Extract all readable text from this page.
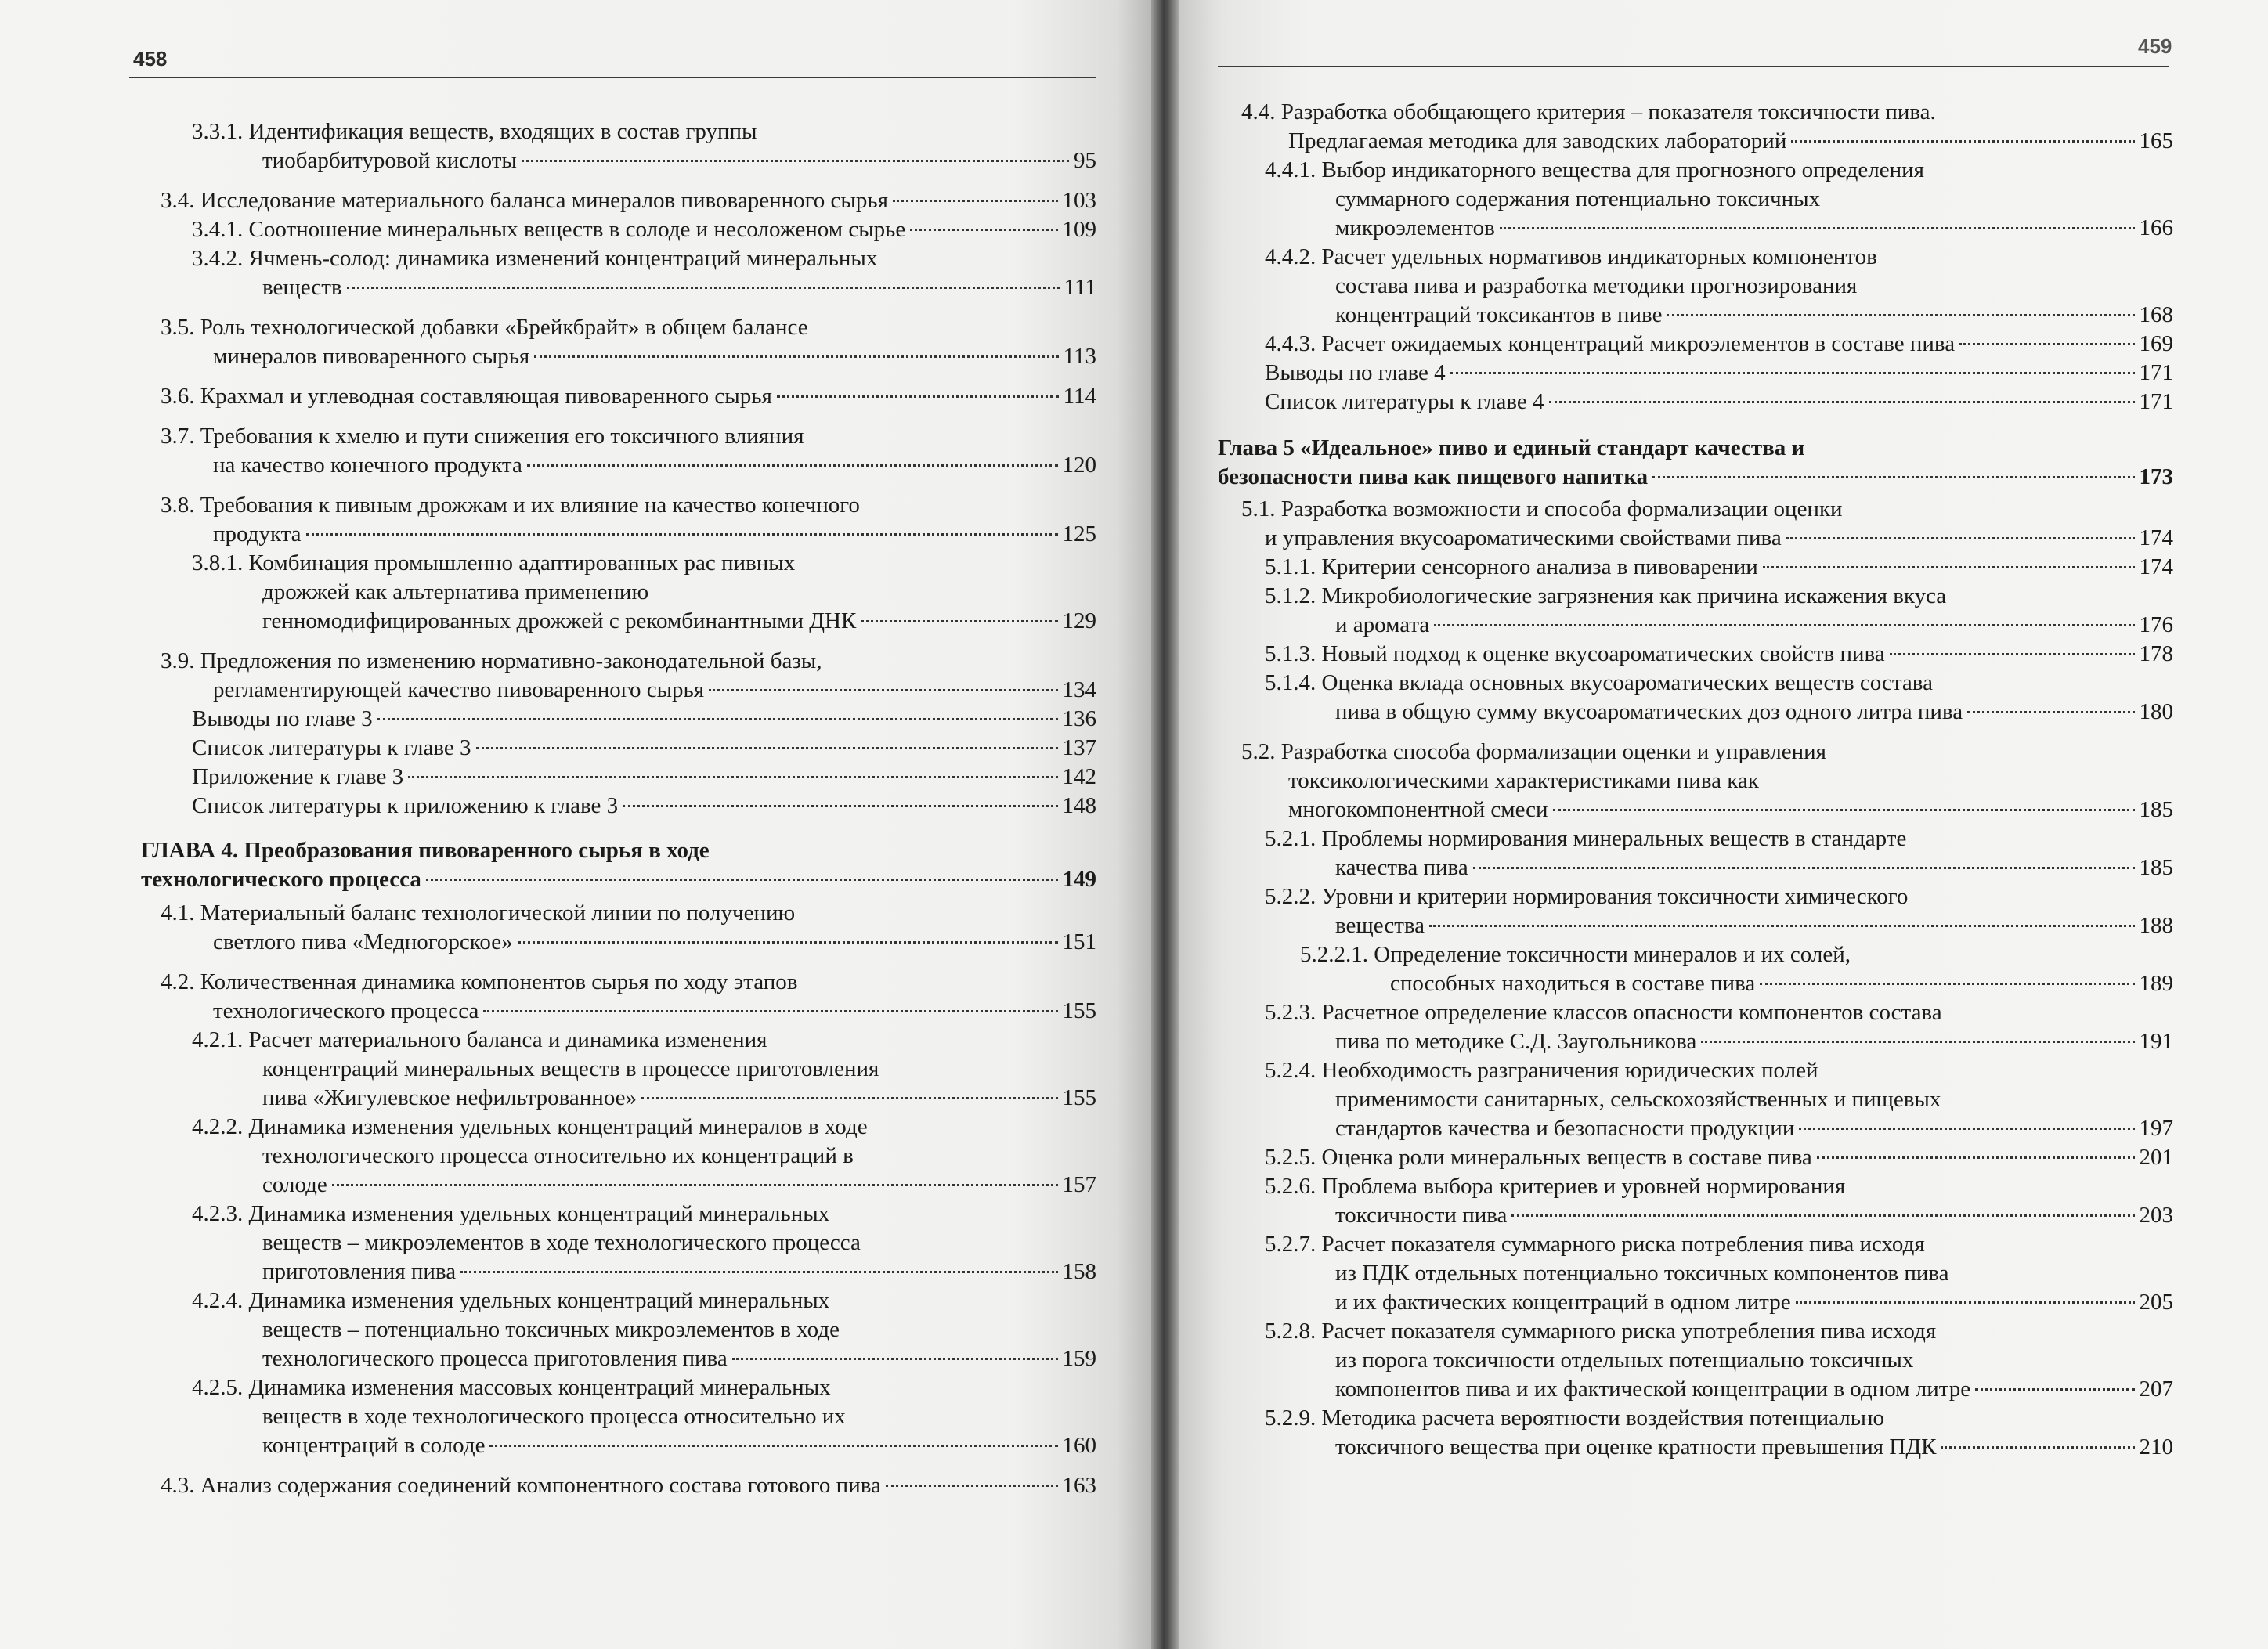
458
3.3.1. Идентификация веществ, входящих в состав группы
тиобарбитуровой кислоты	95
3.4. Исследование материального баланса минералов пивоваренного сырья	103
3.4.1. Соотношение минеральных веществ в солоде и несоложеном сырье	109
3.4.2. Ячмень-солод: динамика изменений концентраций минеральных
веществ	111
3.5. Роль технологической добавки «Брейкбрайт» в общем балансе
минералов пивоваренного сырья	113
3.6. Крахмал и углеводная составляющая пивоваренного сырья	114
3.7. Требования к хмелю и пути снижения его токсичного влияния
на качество конечного продукта	120
3.8. Требования к пивным дрожжам и их влияние на качество конечного
продукта	125
3.8.1. Комбинация промышленно адаптированных рас пивных
дрожжей как альтернатива применению
генномодифицированных дрожжей с рекомбинантными ДНК	129
3.9. Предложения по изменению нормативно-законодательной базы,
регламентирующей качество пивоваренного сырья	134
Выводы по главе 3	136
Список литературы к главе 3	137
Приложение к главе 3	142
Список литературы к приложению к главе 3	148
ГЛАВА 4. Преобразования пивоваренного сырья в ходе
технологического процесса	149
4.1. Материальный баланс технологической линии по получению
светлого пива «Медногорское»	151
4.2. Количественная динамика компонентов сырья по ходу этапов
технологического процесса	155
4.2.1. Расчет материального баланса и динамика изменения
концентраций минеральных веществ в процессе приготовления
пива «Жигулевское нефильтрованное»	155
4.2.2. Динамика изменения удельных концентраций минералов в ходе
технологического процесса относительно их концентраций в
солоде	157
4.2.3. Динамика изменения удельных концентраций минеральных
веществ – микроэлементов в ходе технологического процесса
приготовления пива	158
4.2.4. Динамика изменения удельных концентраций минеральных
веществ – потенциально токсичных микроэлементов в ходе
технологического процесса приготовления пива	159
4.2.5. Динамика изменения массовых концентраций минеральных
веществ в ходе технологического процесса относительно их
концентраций в солоде	160
4.3. Анализ содержания соединений компонентного состава готового пива	163
459
4.4. Разработка обобщающего критерия – показателя токсичности пива.
Предлагаемая методика для заводских лабораторий	165
4.4.1. Выбор индикаторного вещества для прогнозного определения
суммарного содержания потенциально токсичных
микроэлементов	166
4.4.2. Расчет удельных нормативов индикаторных компонентов
состава пива и разработка методики прогнозирования
концентраций токсикантов в пиве	168
4.4.3. Расчет ожидаемых концентраций микроэлементов в составе пива	169
Выводы по главе 4	171
Список литературы к главе 4	171
Глава 5 «Идеальное» пиво и единый стандарт качества и
безопасности пива как пищевого напитка	173
5.1. Разработка возможности и способа формализации оценки
и управления вкусоароматическими свойствами пива	174
5.1.1. Критерии сенсорного анализа в пивоварении	174
5.1.2. Микробиологические загрязнения как причина искажения вкуса
и аромата	176
5.1.3. Новый подход к оценке вкусоароматических свойств пива	178
5.1.4. Оценка вклада основных вкусоароматических веществ состава
пива в общую сумму вкусоароматических доз одного литра пива	180
5.2. Разработка способа формализации оценки и управления
токсикологическими характеристиками пива как
многокомпонентной смеси	185
5.2.1. Проблемы нормирования минеральных веществ в стандарте
качества пива	185
5.2.2. Уровни и критерии нормирования токсичности химического
вещества	188
5.2.2.1. Определение токсичности минералов и их солей,
способных находиться в составе пива	189
5.2.3. Расчетное определение классов опасности компонентов состава
пива по методике С.Д. Заугольникова	191
5.2.4. Необходимость разграничения юридических полей
применимости санитарных, сельскохозяйственных и пищевых
стандартов качества и безопасности продукции	197
5.2.5. Оценка роли минеральных веществ в составе пива	201
5.2.6. Проблема выбора критериев и уровней нормирования
токсичности пива	203
5.2.7. Расчет показателя суммарного риска потребления пива исходя
из ПДК отдельных потенциально токсичных компонентов пива
и их фактических концентраций в одном литре	205
5.2.8. Расчет показателя суммарного риска употребления пива исходя
из порога токсичности отдельных потенциально токсичных
компонентов пива и их фактической концентрации в одном литре	207
5.2.9. Методика расчета вероятности воздействия потенциально
токсичного вещества при оценке кратности превышения ПДК	210
